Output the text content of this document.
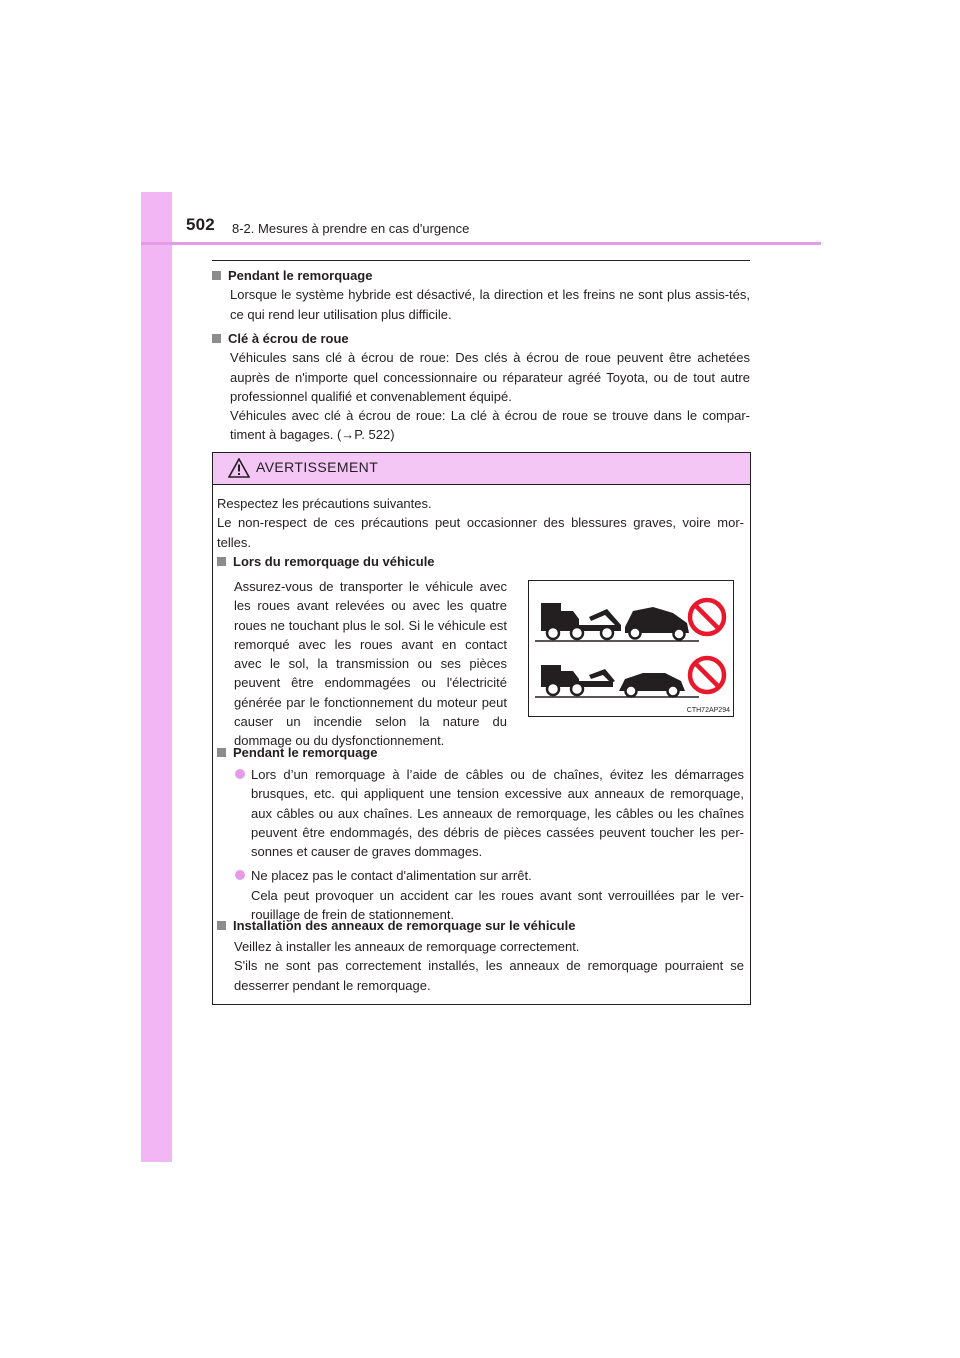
502 8-2. Mesures à prendre en cas d'urgence
Pendant le remorquage

Lorsque le système hybride est désactivé, la direction et les freins ne sont plus assis-tés, ce qui rend leur utilisation plus difficile.

Clé à écrou de roue

Véhicules sans clé à écrou de roue: Des clés à écrou de roue peuvent être achetées auprès de n'importe quel concessionnaire ou réparateur agréé Toyota, ou de tout autre professionnel qualifié et convenablement équipé.

Véhicules avec clé à écrou de roue: La clé à écrou de roue se trouve dans le compar-timent à bagages. (→P. 522)

AVERTISSEMENT

Respectez les précautions suivantes.

Le non-respect de ces précautions peut occasionner des blessures graves, voire mor-telles.

Lors du remorquage du véhicule

Assurez-vous de transporter le véhicule avec les roues avant relevées ou avec les quatre roues ne touchant plus le sol. Si le véhicule est remorqué avec les roues avant en contact avec le sol, la transmission ou ses pièces peuvent être endommagées ou l'électricité générée par le fonctionnement du moteur peut causer un incendie selon la nature du dommage ou du dysfonctionnement.

CTH72AP294
Pendant le remorquage

Lors d’un remorquage à l’aide de câbles ou de chaînes, évitez les démarrages brusques, etc. qui appliquent une tension excessive aux anneaux de remorquage, aux câbles ou aux chaînes. Les anneaux de remorquage, les câbles ou les chaînes peuvent être endommagés, des débris de pièces cassées peuvent toucher les per-sonnes et causer de graves dommages.

Ne placez pas le contact d'alimentation sur arrêt.

Cela peut provoquer un accident car les roues avant sont verrouillées par le ver-rouillage de frein de stationnement.

Installation des anneaux de remorquage sur le véhicule

Veillez à installer les anneaux de remorquage correctement.

S'ils ne sont pas correctement installés, les anneaux de remorquage pourraient se desserrer pendant le remorquage.
